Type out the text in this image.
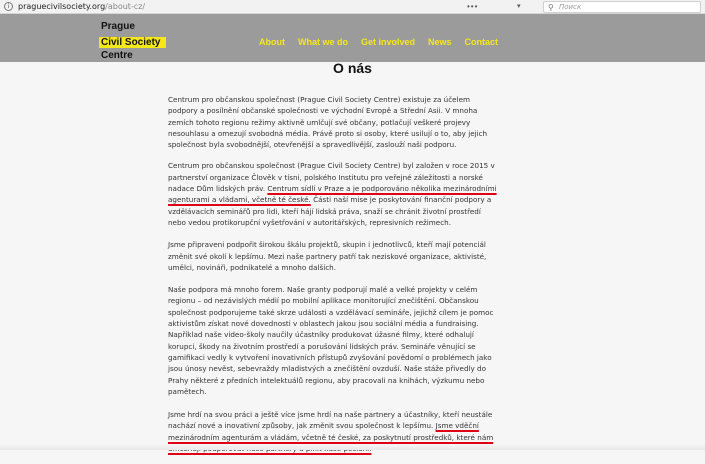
i	praguecivilsociety.org/about-cz/	•••	▾	⚲
Поиск
Prague
Civil Society
Centre
About What we do Get involved News Contact
O nás

Centrum pro občanskou společnost (Prague Civil Society Centre) existuje za účelem podpory a posílnění občanské společnosti ve východní Evropě a Střední Asii. V mnoha zemích tohoto regionu režimy aktivně umlčují své občany, potlačují veškeré projevy nesouhlasu a omezují svobodná média. Právě proto si osoby, které usilují o to, aby jejich společnost byla svobodnější, otevřenější a spravedlivější, zaslouží naši podporu.

Centrum pro občanskou společnost (Prague Civil Society Centre) byl založen v roce 2015 v partnerství organizace Člověk v tísni, polského Institutu pro veřejné záležitosti a norské nadace Dům lidských práv. Centrum sídlí v Praze a je podporováno několika mezinárodními agenturami a vládami, včetně té české. Části naší mise je poskytování finanční podpory a vzdělávacích seminářů pro lidi, kteří hájí lidská práva, snaží se chránit životní prostředí nebo vedou protikorupční vyšetřování v autoritářských, represivních režimech.

Jsme připraveni podpořit širokou škálu projektů, skupin i jednotlivců, kteří mají potenciál změnit své okolí k lepšímu. Mezi naše partnery patří tak neziskové organizace, aktivisté, umělci, novináři, podnikatelé a mnoho dalších.

Naše podpora má mnoho forem. Naše granty podporují malé a velké projekty v celém regionu – od nezávislých médií po mobilní aplikace monitorující znečištění. Občanskou společnost podporujeme také skrze události a vzdělávací semináře, jejichž cílem je pomoc aktivistům získat nové dovednosti v oblastech jakou jsou sociální média a fundraising. Například naše video-školy naučily účastníky produkovat úžasné filmy, které odhalují korupci, škody na životním prostředí a porušování lidských práv. Semináře věnující se gamifikaci vedly k vytvoření inovativních přístupů zvyšování povědomí o problémech jako jsou únosy nevěst, sebevraždy mladistvých a znečištění ovzduší. Naše stáže přivedly do Prahy některé z předních intelektuálů regionu, aby pracovali na knihách, výzkumu nebo pamětech.

Jsme hrdí na svou práci a ještě více jsme hrdí na naše partnery a účastníky, kteří neustále nachází nové a inovativní způsoby, jak změnit svou společnost k lepšímu. Jsme vděční mezinárodním agenturám a vládám, včetně té české, za poskytnutí prostředků, které nám
